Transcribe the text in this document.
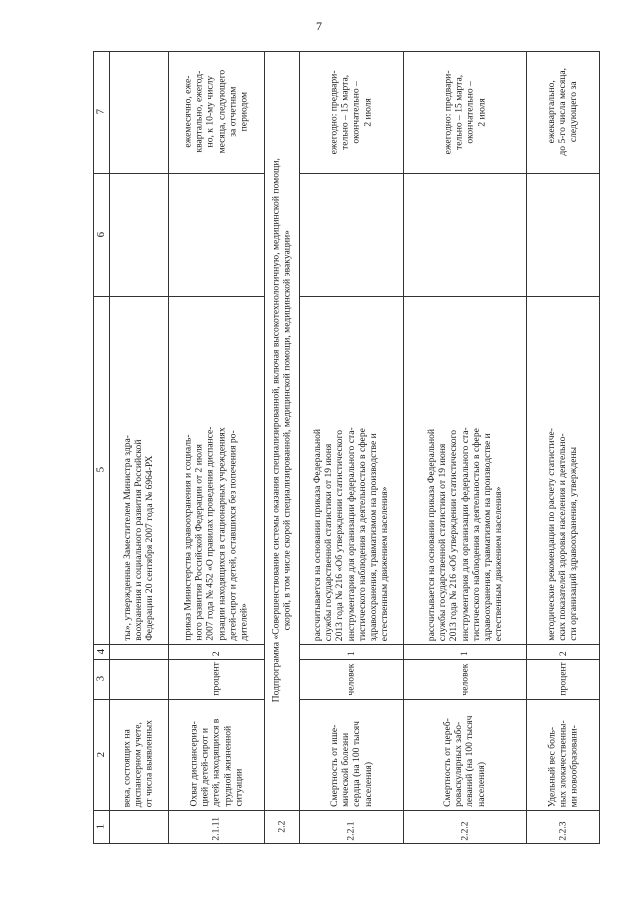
7
1
2
3
4
5
6
7
века, состоящих на
диспансерном учете,
от числа выявленных
ты», утвержденные Заместителем Министра здра-
воохранения и социального развития Российской
Федерации 20 сентября 2007 года № 6964-РХ
2.1.11
Охват диспансериза-
цией детей-сирот и
детей, находящихся в
трудной жизненной
ситуации
процент
2
приказ Министерства здравоохранения и социаль-
ного развития Российской Федерации от 2 июля
2007 года № 452 «О правилах проведения диспансе-
ризации находящихся в стационарных учреждениях
детей-сирот и детей, оставшихся без попечения ро-
дителей»
ежемесячно, еже-
квартально, ежегод-
но, к 10-му числу
месяца, следующего
за отчетным
периодом
2.2
Подпрограмма «Совершенствование системы оказания специализированной, включая высокотехнологичную, медицинской помощи,
скорой, в том числе скорой специализированной, медицинской помощи, медицинской эвакуации»
2.2.1
Смертность от ише-
мической болезни
сердца (на 100 тысяч
населения)
человек
1
рассчитывается на основании приказа Федеральной
службы государственной статистики от 19 июня
2013 года № 216 «Об утверждении статистического
инструментария для организации федерального ста-
тистического наблюдения за деятельностью в сфере
здравоохранения, травматизмом на производстве и
естественным движением населения»
ежегодно: предвари-
тельно – 15 марта,
окончательно –
2 июля
2.2.2
Смертность от цереб-
роваскулярных забо-
леваний (на 100 тысяч
населения)
человек
1
рассчитывается на основании приказа Федеральной
службы государственной статистики от 19 июня
2013 года № 216 «Об утверждении статистического
инструментария для организации федерального ста-
тистического наблюдения за деятельностью в сфере
здравоохранения, травматизмом на производстве и
естественным движением населения»
ежегодно: предвари-
тельно – 15 марта,
окончательно –
2 июля
2.2.3
Удельный вес боль-
ных злокачественны-
ми новообразовани-
процент
2
методические рекомендации по расчету статистиче-
ских показателей здоровья населения и деятельно-
сти организаций здравоохранения, утверждены
ежеквартально,
до 5-го числа месяца,
следующего за
